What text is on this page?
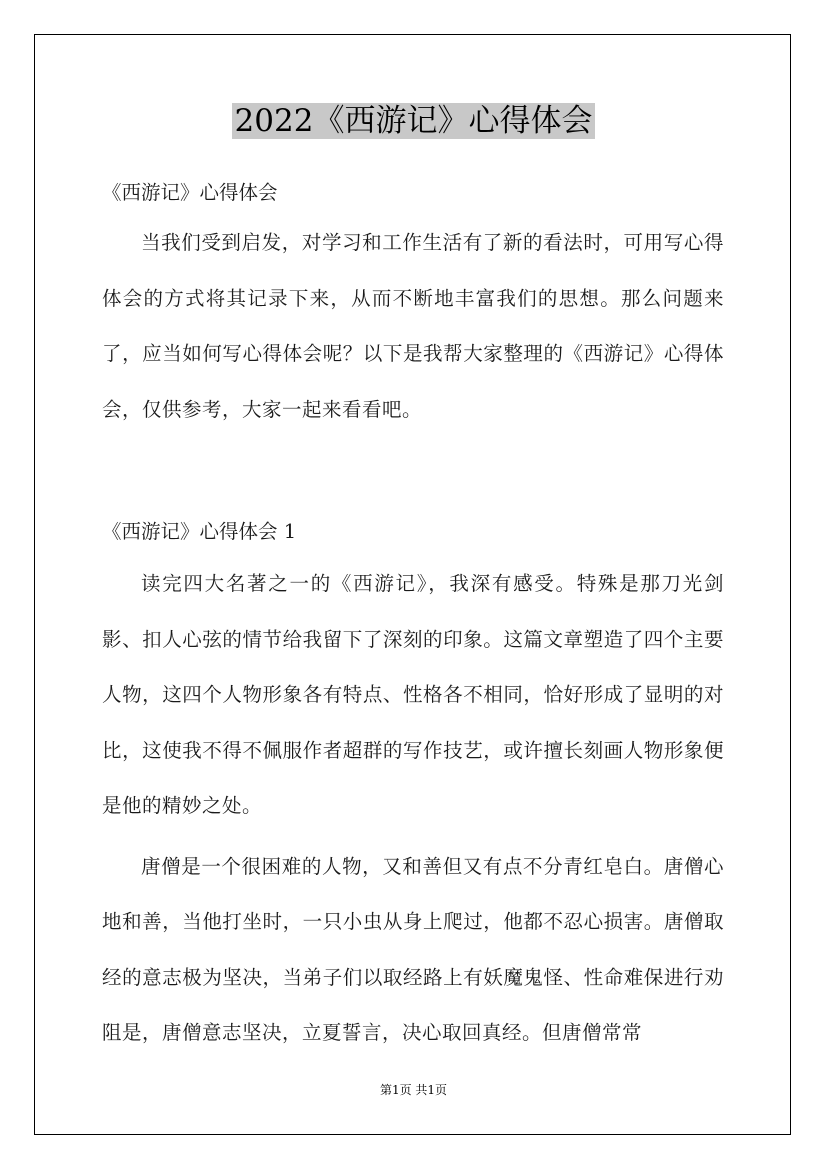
2022《西游记》心得体会

《西游记》心得体会

当我们受到启发，对学习和工作生活有了新的看法时，可用写心得体会的方式将其记录下来，从而不断地丰富我们的思想。那么问题来了，应当如何写心得体会呢？以下是我帮大家整理的《西游记》心得体会，仅供参考，大家一起来看看吧。

《西游记》心得体会 1

读完四大名著之一的《西游记》，我深有感受。特殊是那刀光剑影、扣人心弦的情节给我留下了深刻的印象。这篇文章塑造了四个主要人物，这四个人物形象各有特点、性格各不相同，恰好形成了显明的对比，这使我不得不佩服作者超群的写作技艺，或许擅长刻画人物形象便是他的精妙之处。

唐僧是一个很困难的人物，又和善但又有点不分青红皂白。唐僧心地和善，当他打坐时，一只小虫从身上爬过，他都不忍心损害。唐僧取经的意志极为坚决，当弟子们以取经路上有妖魔鬼怪、性命难保进行劝阻是，唐僧意志坚决，立夏誓言，决心取回真经。但唐僧常常

第1页 共1页
